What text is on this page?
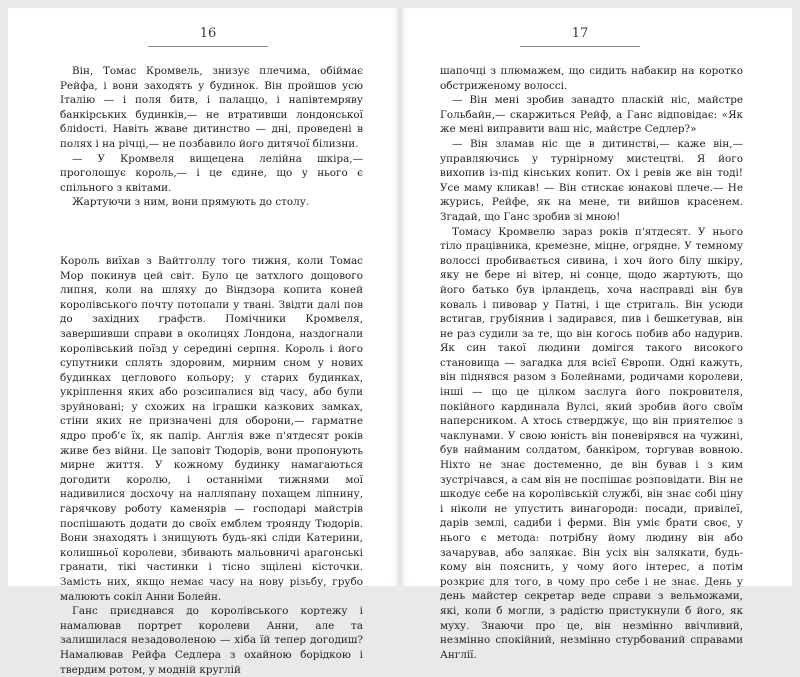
16

Він, Томас Кромвель, знизує плечима, обіймає Рейфа, і вони заходять у будинок. Він пройшов усю Італію — і поля битв, і палаццо, і напівтемряву банкірських будинків,— не втративши лондонської бліdості. Навіть жваве дитинство — дні, проведені в полях і на річці,— не позбавило його дитячої білизни.

— У Кромвеля вищецена лелійна шкіра,— проголошує король,— і це єдине, що у нього є спільного з квітами.

Жартуючи з ним, вони прямують до столу.

Король виїхав з Вайтголлу того тижня, коли Томас Мор покинув цей світ. Було це затхлого дощового липня, коли на шляху до Віндзора копита коней королівського почту потопали у твані. Звідти далі пов до західних графств. Помічники Кромвеля, завершивши справи в околицях Лондона, наздогнали королівський поїзд у середині серпня. Король і його супутники сплять здоровим, мирним сном у нових будинках цеглового кольору; у старих будинках, укріплення яких або розсипалися від часу, або були зруйновані; у схожих на іграшки казкових замках, стіни яких не призначені для оборони,— гарматне ядро проб'є їх, як папір. Англія вже п'ятдесят років живе без війни. Це заповіт Тюдорів, вони пропонують мирне життя. У кожному будинку намагаються догодити королю, і останніми тижнями мої надивилися досхочу на налляпану похащем ліпнину, гарячкову роботу каменярів — господарі майстрів поспішають додати до своїх емблем троянду Тюдорів. Вони знаходять і знищують будь-які сліди Катерини, колишньої королеви, збивають мальовничі арагонські гранати, тікі частинки і тісно зщілені кісточки. Замість них, якщо немає часу на нову різьбу, грубо малюють сокіл Анни Болейн.

Ганс приєднався до королівського кортежу і намалював портрет королеви Анни, але та залишилася незадоволеною — хіба їй тепер догодиш? Намалював Рейфа Седлера з охайною борідкою і твердим ротом, у модній круглій

17

шапочці з плюмажем, що сидить набакир на коротко обстриженому волоссі.

— Він мені зробив занадто пласкій ніс, майстре Гольбайн,— скаржиться Рейф, а Ганс відповідає: «Як же мені виправити ваш ніс, майстре Седлер?»

— Він зламав ніс ще в дитинстві,— каже він,— управляючись у турнірному мистецтві. Я його вихопив із-під кінських копит. Ох і ревів же він тоді! Усе маму кликав! — Він стискає юнакові плече.— Не журись, Рейфе, як на мене, ти вийшов красенем. Згадай, що Ганс зробив зі мною!

Томасу Кромвелю зараз років п'ятдесят. У нього тіло працівника, кремезне, міцне, огрядне. У темному волоссі пробивається сивина, і хоч його білу шкіру, яку не бере ні вітер, ні сонце, щодо жартують, що його батько був ірландець, хоча насправді він був коваль і пивовар у Патні, і ще стригаль. Він усюди встигав, грубіянив і задирався, пив і бешкетував, він не раз судили за те, що він когось побив або надурив. Як син такої людини домігся такого високого становища — загадка для всієї Європи. Одні кажуть, він піднявся разом з Болейнами, родичами королеви, інші — що це цілком заслуга його покровителя, покійного кардинала Вулсі, який зробив його своїм наперсником. А хтось стверджує, що він приятелює з чаклунами. У свою юність він поневірявся на чужині, був найманим солдатом, банкіром, торгував вовною. Ніхто не знає достеменно, де він бував і з ким зустрічався, а сам він не поспішає розповідати. Він не шкодує себе на королівській службі, він знає собі ціну і ніколи не упустить винагороди: посади, привілеї, дарів землі, садиби і ферми. Він уміє брати своє, у нього є метода: потрібну йому людину він або зачарував, або залякає. Він усіх він залякати, будь-кому він пояснить, у чому його інтерес, а потім розкриє для того, в чому про себе і не знає. День у день майстер секретар веде справи з вельможами, які, коли б могли, з радістю пристукнули б його, як муху. Знаючи про це, він незмінно ввічливий, незмінно спокійний, незмінно стурбований справами Англії.
